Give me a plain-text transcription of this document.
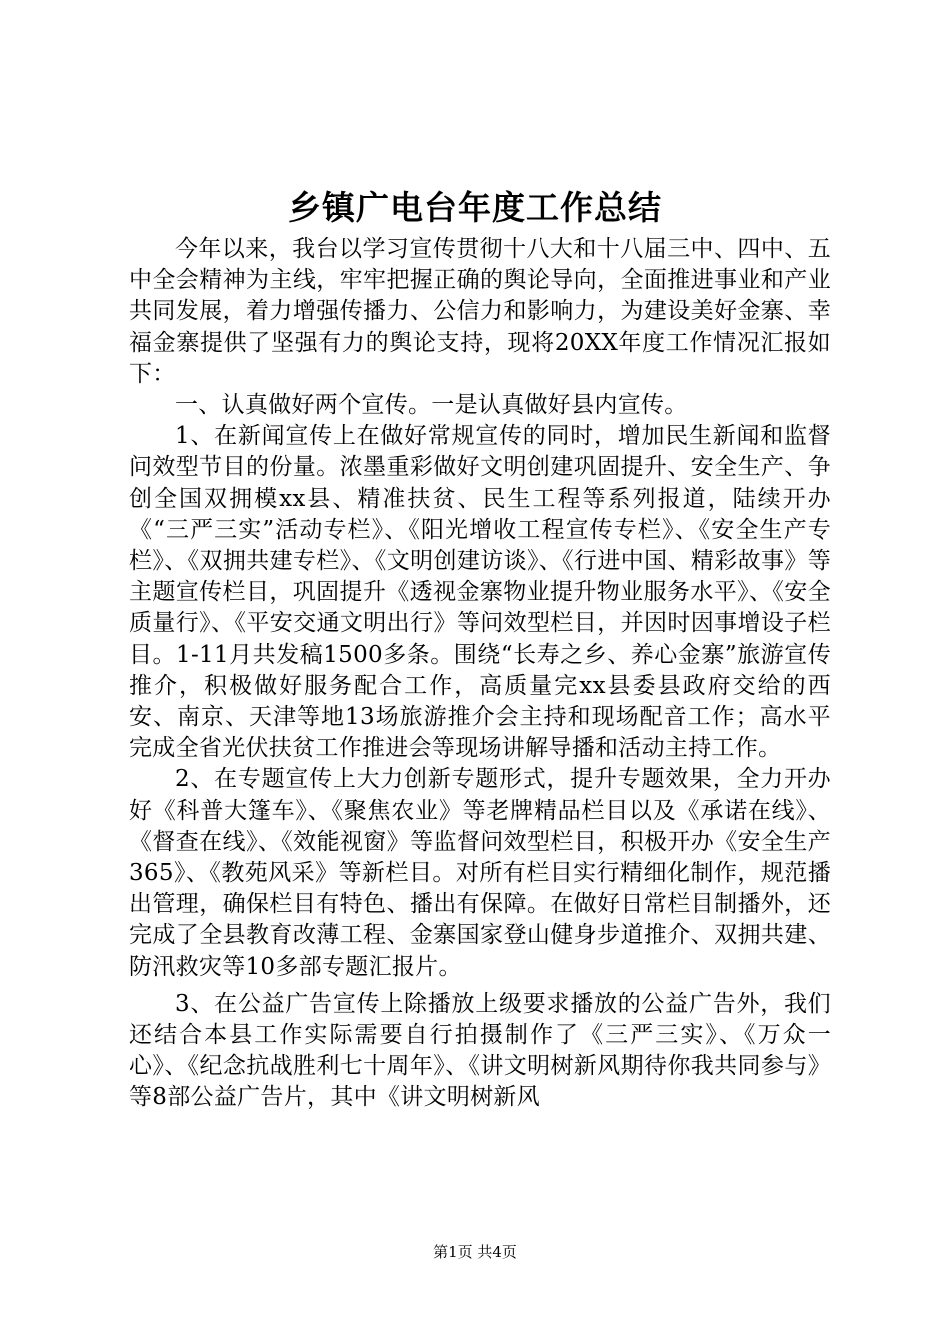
乡镇广电台年度工作总结

今年以来，我台以学习宣传贯彻十八大和十八届三中、四中、五中全会精神为主线，牢牢把握正确的舆论导向，全面推进事业和产业共同发展，着力增强传播力、公信力和影响力，为建设美好金寨、幸福金寨提供了坚强有力的舆论支持，现将20XX年度工作情况汇报如下：

一、认真做好两个宣传。一是认真做好县内宣传。

1、在新闻宣传上在做好常规宣传的同时，增加民生新闻和监督问效型节目的份量。浓墨重彩做好文明创建巩固提升、安全生产、争创全国双拥模xx县、精准扶贫、民生工程等系列报道，陆续开办《“三严三实”活动专栏》、《阳光增收工程宣传专栏》、《安全生产专栏》、《双拥共建专栏》、《文明创建访谈》、《行进中国、精彩故事》等主题宣传栏目，巩固提升《透视金寨物业提升物业服务水平》、《安全质量行》、《平安交通文明出行》等问效型栏目，并因时因事增设子栏目。1-11月共发稿1500多条。围绕“长寿之乡、养心金寨”旅游宣传推介，积极做好服务配合工作，高质量完xx县委县政府交给的西安、南京、天津等地13场旅游推介会主持和现场配音工作；高水平完成全省光伏扶贫工作推进会等现场讲解导播和活动主持工作。

2、在专题宣传上大力创新专题形式，提升专题效果，全力开办好《科普大篷车》、《聚焦农业》等老牌精品栏目以及《承诺在线》、《督查在线》、《效能视窗》等监督问效型栏目，积极开办《安全生产365》、《教苑风采》等新栏目。对所有栏目实行精细化制作，规范播出管理，确保栏目有特色、播出有保障。在做好日常栏目制播外，还完成了全县教育改薄工程、金寨国家登山健身步道推介、双拥共建、防汛救灾等10多部专题汇报片。

3、在公益广告宣传上除播放上级要求播放的公益广告外，我们还结合本县工作实际需要自行拍摄制作了《三严三实》、《万众一心》、《纪念抗战胜利七十周年》、《讲文明树新风期待你我共同参与》等8部公益广告片，其中《讲文明树新风

第1页 共4页
